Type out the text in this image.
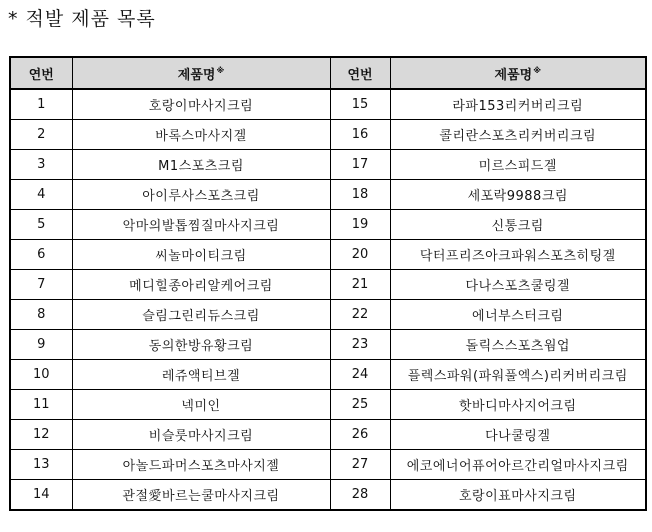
* 적발 제품 목록
연번	제품명※	연번	제품명※
1	호랑이마사지크림	15	라파153리커버리크림
2	바록스마사지겔	16	콜리란스포츠리커버리크림
3	M1스포츠크림	17	미르스피드겔
4	아이루사스포츠크림	18	세포락9988크림
5	악마의발톱찜질마사지크림	19	신통크림
6	씨놀마이티크림	20	닥터프리즈아크파워스포츠히팅겔
7	메디힐종아리알케어크림	21	다나스포츠쿨링겔
8	슬림그린리듀스크림	22	에너부스터크림
9	동의한방유황크림	23	돌릭스스포츠웜업
10	레쥬액티브겔	24	플렉스파워(파워풀엑스)리커버리크림
11	넥미인	25	핫바디마사지어크림
12	비슬룻마사지크림	26	다나쿨링겔
13	아놀드파머스포츠마사지젤	27	에코에너어퓨어아르간리얼마사지크림
14	관절愛바르는쿨마사지크림	28	호랑이표마사지크림
